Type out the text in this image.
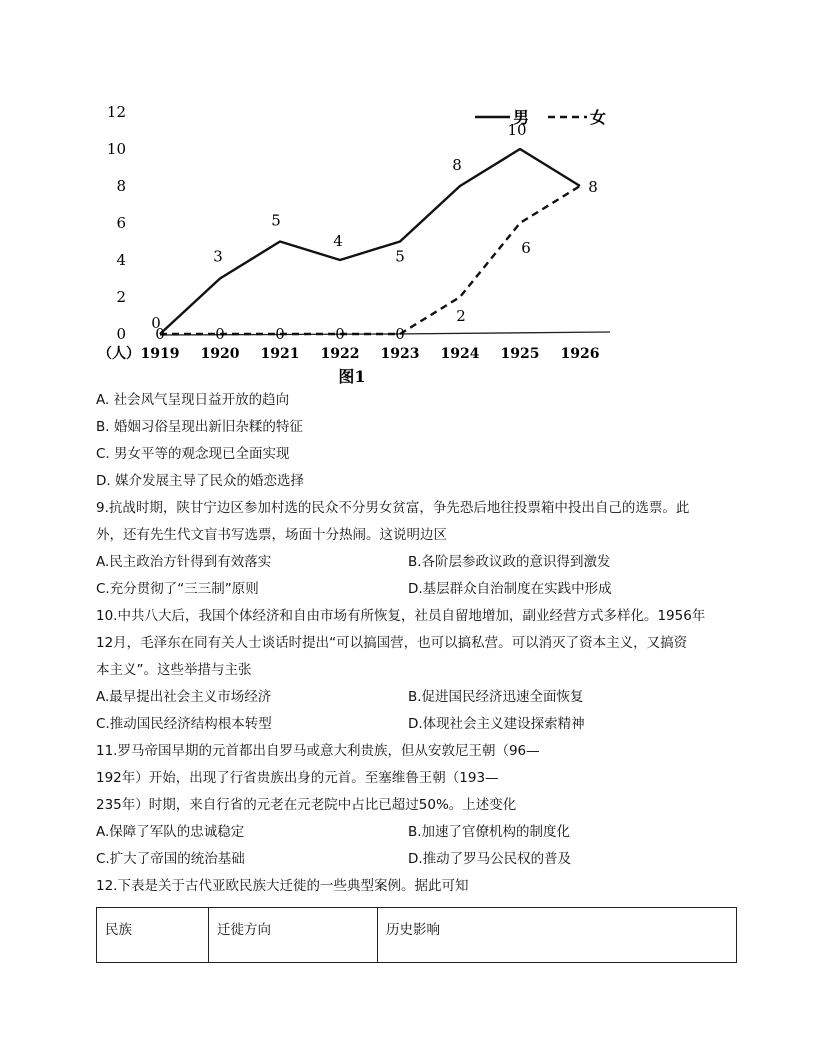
0
2
4
6
8
10
12
（人） 1919 1920 1921 1922 1923 1924 1925 1926
0
3
5
4
5
8
10
8
0	0	0	0	0
2
6
男	女
图1
A. 社会风气呈现日益开放的趋向
B. 婚姻习俗呈现出新旧杂糅的特征
C. 男女平等的观念现已全面实现
D. 媒介发展主导了民众的婚恋选择
9.抗战时期，陕甘宁边区参加村选的民众不分男女贫富，争先恐后地往投票箱中投出自己的选票。此
外，还有先生代文盲书写选票，场面十分热闹。这说明边区
A.民主政治方针得到有效落实	B.各阶层参政议政的意识得到激发
C.充分贯彻了“三三制”原则	D.基层群众自治制度在实践中形成
10.中共八大后，我国个体经济和自由市场有所恢复，社员自留地增加，副业经营方式多样化。1956年
12月，毛泽东在同有关人士谈话时提出“可以搞国营，也可以搞私营。可以消灭了资本主义，又搞资
本主义”。这些举措与主张
A.最早提出社会主义市场经济	B.促进国民经济迅速全面恢复
C.推动国民经济结构根本转型	D.体现社会主义建设探索精神
11.罗马帝国早期的元首都出自罗马或意大利贵族，但从安敦尼王朝（96—
192年）开始，出现了行省贵族出身的元首。至塞维鲁王朝（193—
235年）时期，来自行省的元老在元老院中占比已超过50%。上述变化
A.保障了军队的忠诚稳定	B.加速了官僚机构的制度化
C.扩大了帝国的统治基础	D.推动了罗马公民权的普及
12.下表是关于古代亚欧民族大迁徙的一些典型案例。据此可知
民族	迁徙方向	历史影响
